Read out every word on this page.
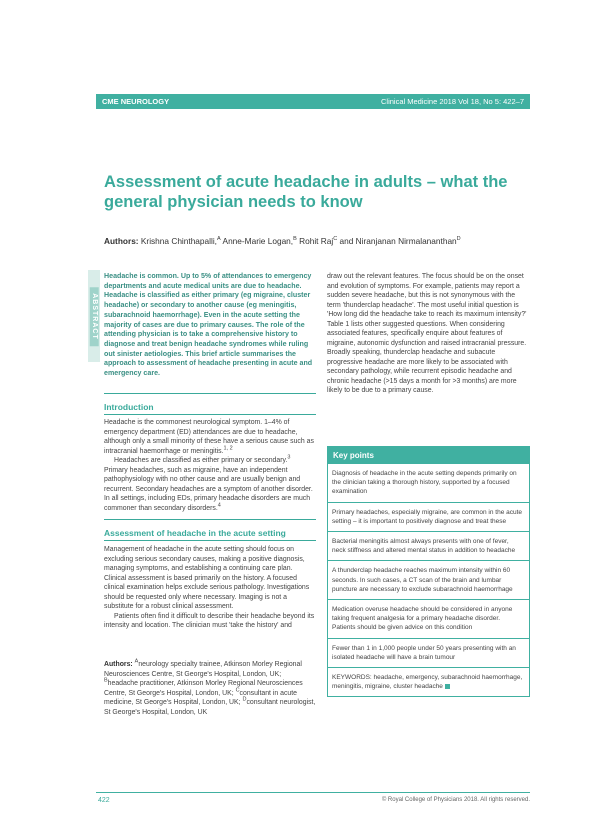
CME NEUROLOGY	Clinical Medicine 2018 Vol 18, No 5: 422–7
Assessment of acute headache in adults – what the general physician needs to know
Authors: Krishna Chinthapalli,$^A$ Anne-Marie Logan,$^B$ Rohit Raj$^C$ and Niranjanan Nirmalananthan$^D$
ABSTRACT
Headache is common. Up to 5% of attendances to emergency departments and acute medical units are due to headache. Headache is classified as either primary (eg migraine, cluster headache) or secondary to another cause (eg meningitis, subarachnoid haemorrhage). Even in the acute setting the majority of cases are due to primary causes. The role of the attending physician is to take a comprehensive history to diagnose and treat benign headache syndromes while ruling out sinister aetiologies. This brief article summarises the approach to assessment of headache presenting in acute and emergency care.

draw out the relevant features. The focus should be on the onset and evolution of symptoms. For example, patients may report a sudden severe headache, but this is not synonymous with the term 'thunderclap headache'. The most useful initial question is 'How long did the headache take to reach its maximum intensity?' Table 1 lists other suggested questions. When considering associated features, specifically enquire about features of migraine, autonomic dysfunction and raised intracranial pressure. Broadly speaking, thunderclap headache and subacute progressive headache are more likely to be associated with secondary pathology, while recurrent episodic headache and chronic headache (>15 days a month for >3 months) are more likely to be due to a primary cause.

Introduction

Headache is the commonest neurological symptom. 1–4% of emergency department (ED) attendances are due to headache, although only a small minority of these have a serious cause such as intracranial haemorrhage or meningitis.$^{1, 2}$

Headaches are classified as either primary or secondary.$^3$

Primary headaches, such as migraine, have an independent pathophysiology with no other cause and are usually benign and recurrent. Secondary headaches are a symptom of another disorder. In all settings, including EDs, primary headache disorders are much commoner than secondary disorders.$^4$

Assessment of headache in the acute setting

Management of headache in the acute setting should focus on excluding serious secondary causes, making a positive diagnosis, managing symptoms, and establishing a continuing care plan. Clinical assessment is based primarily on the history. A focused clinical examination helps exclude serious pathology. Investigations should be requested only where necessary. Imaging is not a substitute for a robust clinical assessment.

Patients often find it difficult to describe their headache beyond its intensity and location. The clinician must 'take the history' and

Key points
Diagnosis of headache in the acute setting depends primarily on the clinician taking a thorough history, supported by a focused examination
Primary headaches, especially migraine, are common in the acute setting – it is important to positively diagnose and treat these
Bacterial meningitis almost always presents with one of fever, neck stiffness and altered mental status in addition to headache
A thunderclap headache reaches maximum intensity within 60 seconds. In such cases, a CT scan of the brain and lumbar puncture are necessary to exclude subarachnoid haemorrhage
Medication overuse headache should be considered in anyone taking frequent analgesia for a primary headache disorder. Patients should be given advice on this condition
Fewer than 1 in 1,000 people under 50 years presenting with an isolated headache will have a brain tumour
KEYWORDS: headache, emergency, subarachnoid haemorrhage, meningitis, migraine, cluster headache
Authors: $^A$neurology specialty trainee, Atkinson Morley Regional Neurosciences Centre, St George's Hospital, London, UK; $^B$headache practitioner, Atkinson Morley Regional Neurosciences Centre, St George's Hospital, London, UK; $^C$consultant in acute medicine, St George's Hospital, London, UK; $^D$consultant neurologist, St George's Hospital, London, UK
422	© Royal College of Physicians 2018. All rights reserved.
